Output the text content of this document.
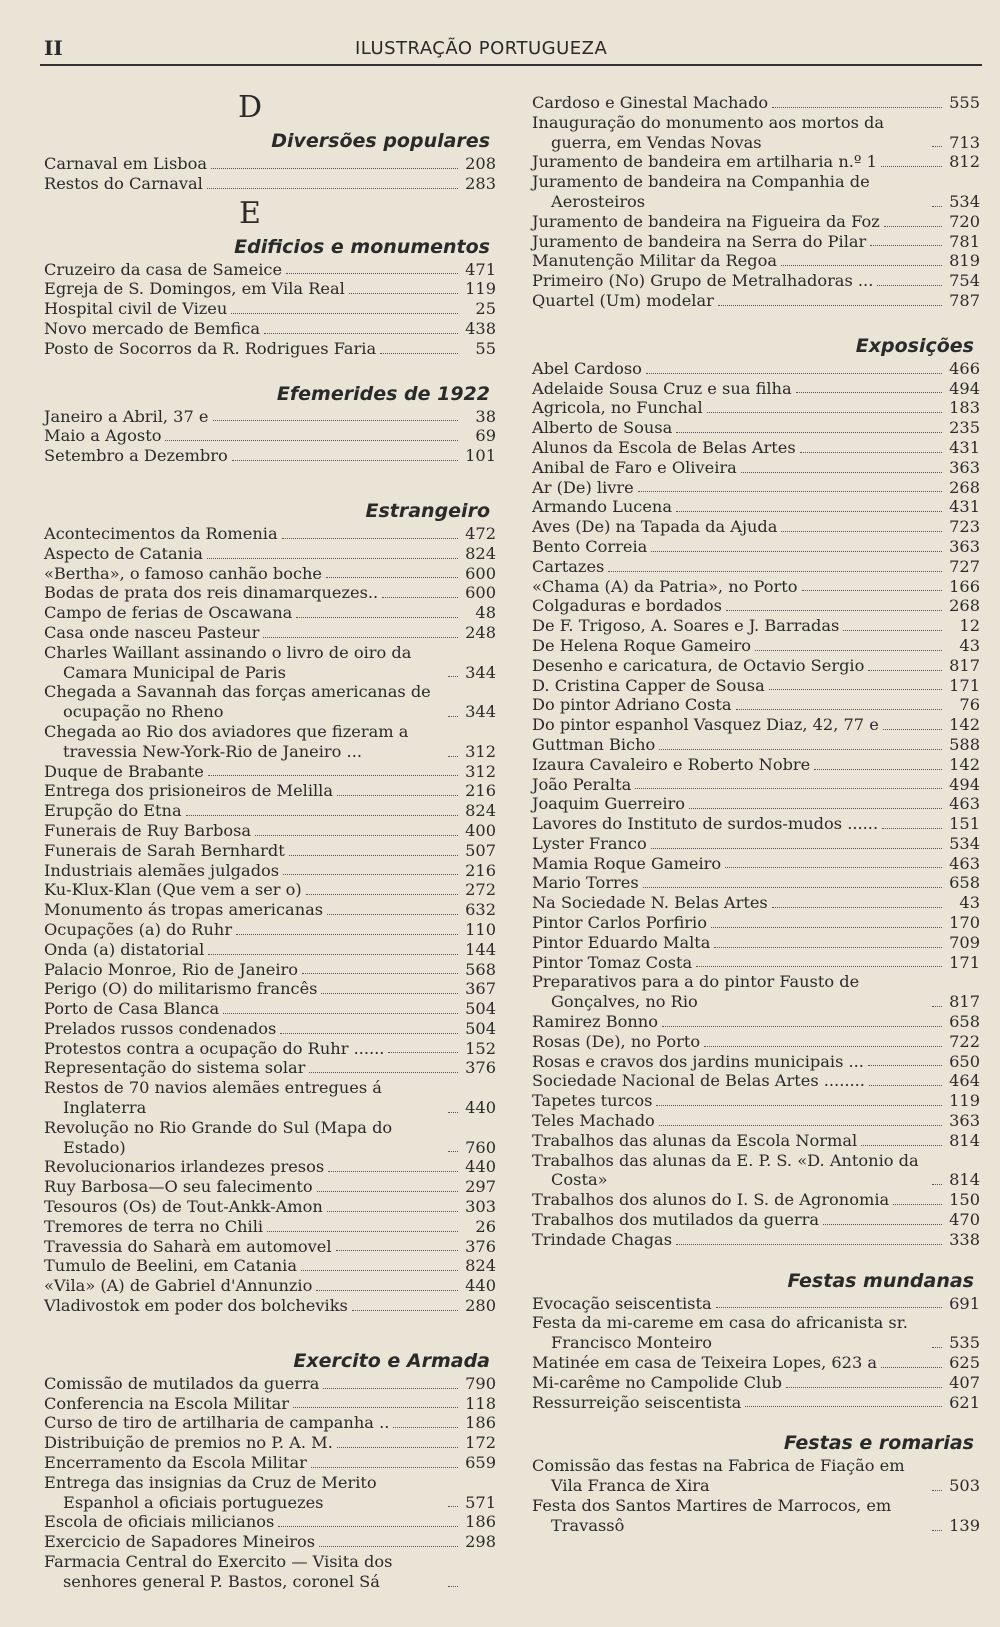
II	ILUSTRAÇÃO PORTUGUEZA
D
Diversões populares
Carnaval em Lisboa	208
Restos do Carnaval	283
E
Edificios e monumentos
Cruzeiro da casa de Sameice	471
Egreja de S. Domingos, em Vila Real	119
Hospital civil de Vizeu	25
Novo mercado de Bemfica	438
Posto de Socorros da R. Rodrigues Faria	55
Efemerides de 1922
Janeiro a Abril, 37 e	38
Maio a Agosto	69
Setembro a Dezembro	101
Estrangeiro
Acontecimentos da Romenia	472
Aspecto de Catania	824
«Bertha», o famoso canhão boche	600
Bodas de prata dos reis dinamarquezes..	600
Campo de ferias de Oscawana	48
Casa onde nasceu Pasteur	248
Charles Waillant assinando o livro de oiro da Camara Municipal de Paris	344
Chegada a Savannah das forças americanas de ocupação no Rheno	344
Chegada ao Rio dos aviadores que fizeram a travessia New-York-Rio de Janeiro ...	312
Duque de Brabante	312
Entrega dos prisioneiros de Melilla	216
Erupção do Etna	824
Funerais de Ruy Barbosa	400
Funerais de Sarah Bernhardt	507
Industriais alemães julgados	216
Ku-Klux-Klan (Que vem a ser o)	272
Monumento ás tropas americanas	632
Ocupações (a) do Ruhr	110
Onda (a) distatorial	144
Palacio Monroe, Rio de Janeiro	568
Perigo (O) do militarismo francês	367
Porto de Casa Blanca	504
Prelados russos condenados	504
Protestos contra a ocupação do Ruhr ......	152
Representação do sistema solar	376
Restos de 70 navios alemães entregues á Inglaterra	440
Revolução no Rio Grande do Sul (Mapa do Estado)	760
Revolucionarios irlandezes presos	440
Ruy Barbosa—O seu falecimento	297
Tesouros (Os) de Tout-Ankk-Amon	303
Tremores de terra no Chili	26
Travessia do Saharà em automovel	376
Tumulo de Beelini, em Catania	824
«Vila» (A) de Gabriel d'Annunzio	440
Vladivostok em poder dos bolcheviks	280
Exercito e Armada
Comissão de mutilados da guerra	790
Conferencia na Escola Militar	118
Curso de tiro de artilharia de campanha ..	186
Distribuição de premios no P. A. M.	172
Encerramento da Escola Militar	659
Entrega das insignias da Cruz de Merito Espanhol a oficiais portuguezes	571
Escola de oficiais milicianos	186
Exercicio de Sapadores Mineiros	298
Farmacia Central do Exercito — Visita dos senhores general P. Bastos, coronel Sá
Cardoso e Ginestal Machado	555
Inauguração do monumento aos mortos da guerra, em Vendas Novas	713
Juramento de bandeira em artilharia n.º 1	812
Juramento de bandeira na Companhia de Aerosteiros	534
Juramento de bandeira na Figueira da Foz	720
Juramento de bandeira na Serra do Pilar	781
Manutenção Militar da Regoa	819
Primeiro (No) Grupo de Metralhadoras ...	754
Quartel (Um) modelar	787
Exposições
Abel Cardoso	466
Adelaide Sousa Cruz e sua filha	494
Agricola, no Funchal	183
Alberto de Sousa	235
Alunos da Escola de Belas Artes	431
Anibal de Faro e Oliveira	363
Ar (De) livre	268
Armando Lucena	431
Aves (De) na Tapada da Ajuda	723
Bento Correia	363
Cartazes	727
«Chama (A) da Patria», no Porto	166
Colgaduras e bordados	268
De F. Trigoso, A. Soares e J. Barradas	12
De Helena Roque Gameiro	43
Desenho e caricatura, de Octavio Sergio	817
D. Cristina Capper de Sousa	171
Do pintor Adriano Costa	76
Do pintor espanhol Vasquez Diaz, 42, 77 e	142
Guttman Bicho	588
Izaura Cavaleiro e Roberto Nobre	142
João Peralta	494
Joaquim Guerreiro	463
Lavores do Instituto de surdos-mudos ......	151
Lyster Franco	534
Mamia Roque Gameiro	463
Mario Torres	658
Na Sociedade N. Belas Artes	43
Pintor Carlos Porfirio	170
Pintor Eduardo Malta	709
Pintor Tomaz Costa	171
Preparativos para a do pintor Fausto de Gonçalves, no Rio	817
Ramirez Bonno	658
Rosas (De), no Porto	722
Rosas e cravos dos jardins municipais ...	650
Sociedade Nacional de Belas Artes ........	464
Tapetes turcos	119
Teles Machado	363
Trabalhos das alunas da Escola Normal	814
Trabalhos das alunas da E. P. S. «D. Antonio da Costa»	814
Trabalhos dos alunos do I. S. de Agronomia	150
Trabalhos dos mutilados da guerra	470
Trindade Chagas	338
Festas mundanas
Evocação seiscentista	691
Festa da mi-careme em casa do africanista sr. Francisco Monteiro	535
Matinée em casa de Teixeira Lopes, 623 a	625
Mi-carême no Campolide Club	407
Ressurreição seiscentista	621
Festas e romarias
Comissão das festas na Fabrica de Fiação em Vila Franca de Xira	503
Festa dos Santos Martires de Marrocos, em Travassô	139
